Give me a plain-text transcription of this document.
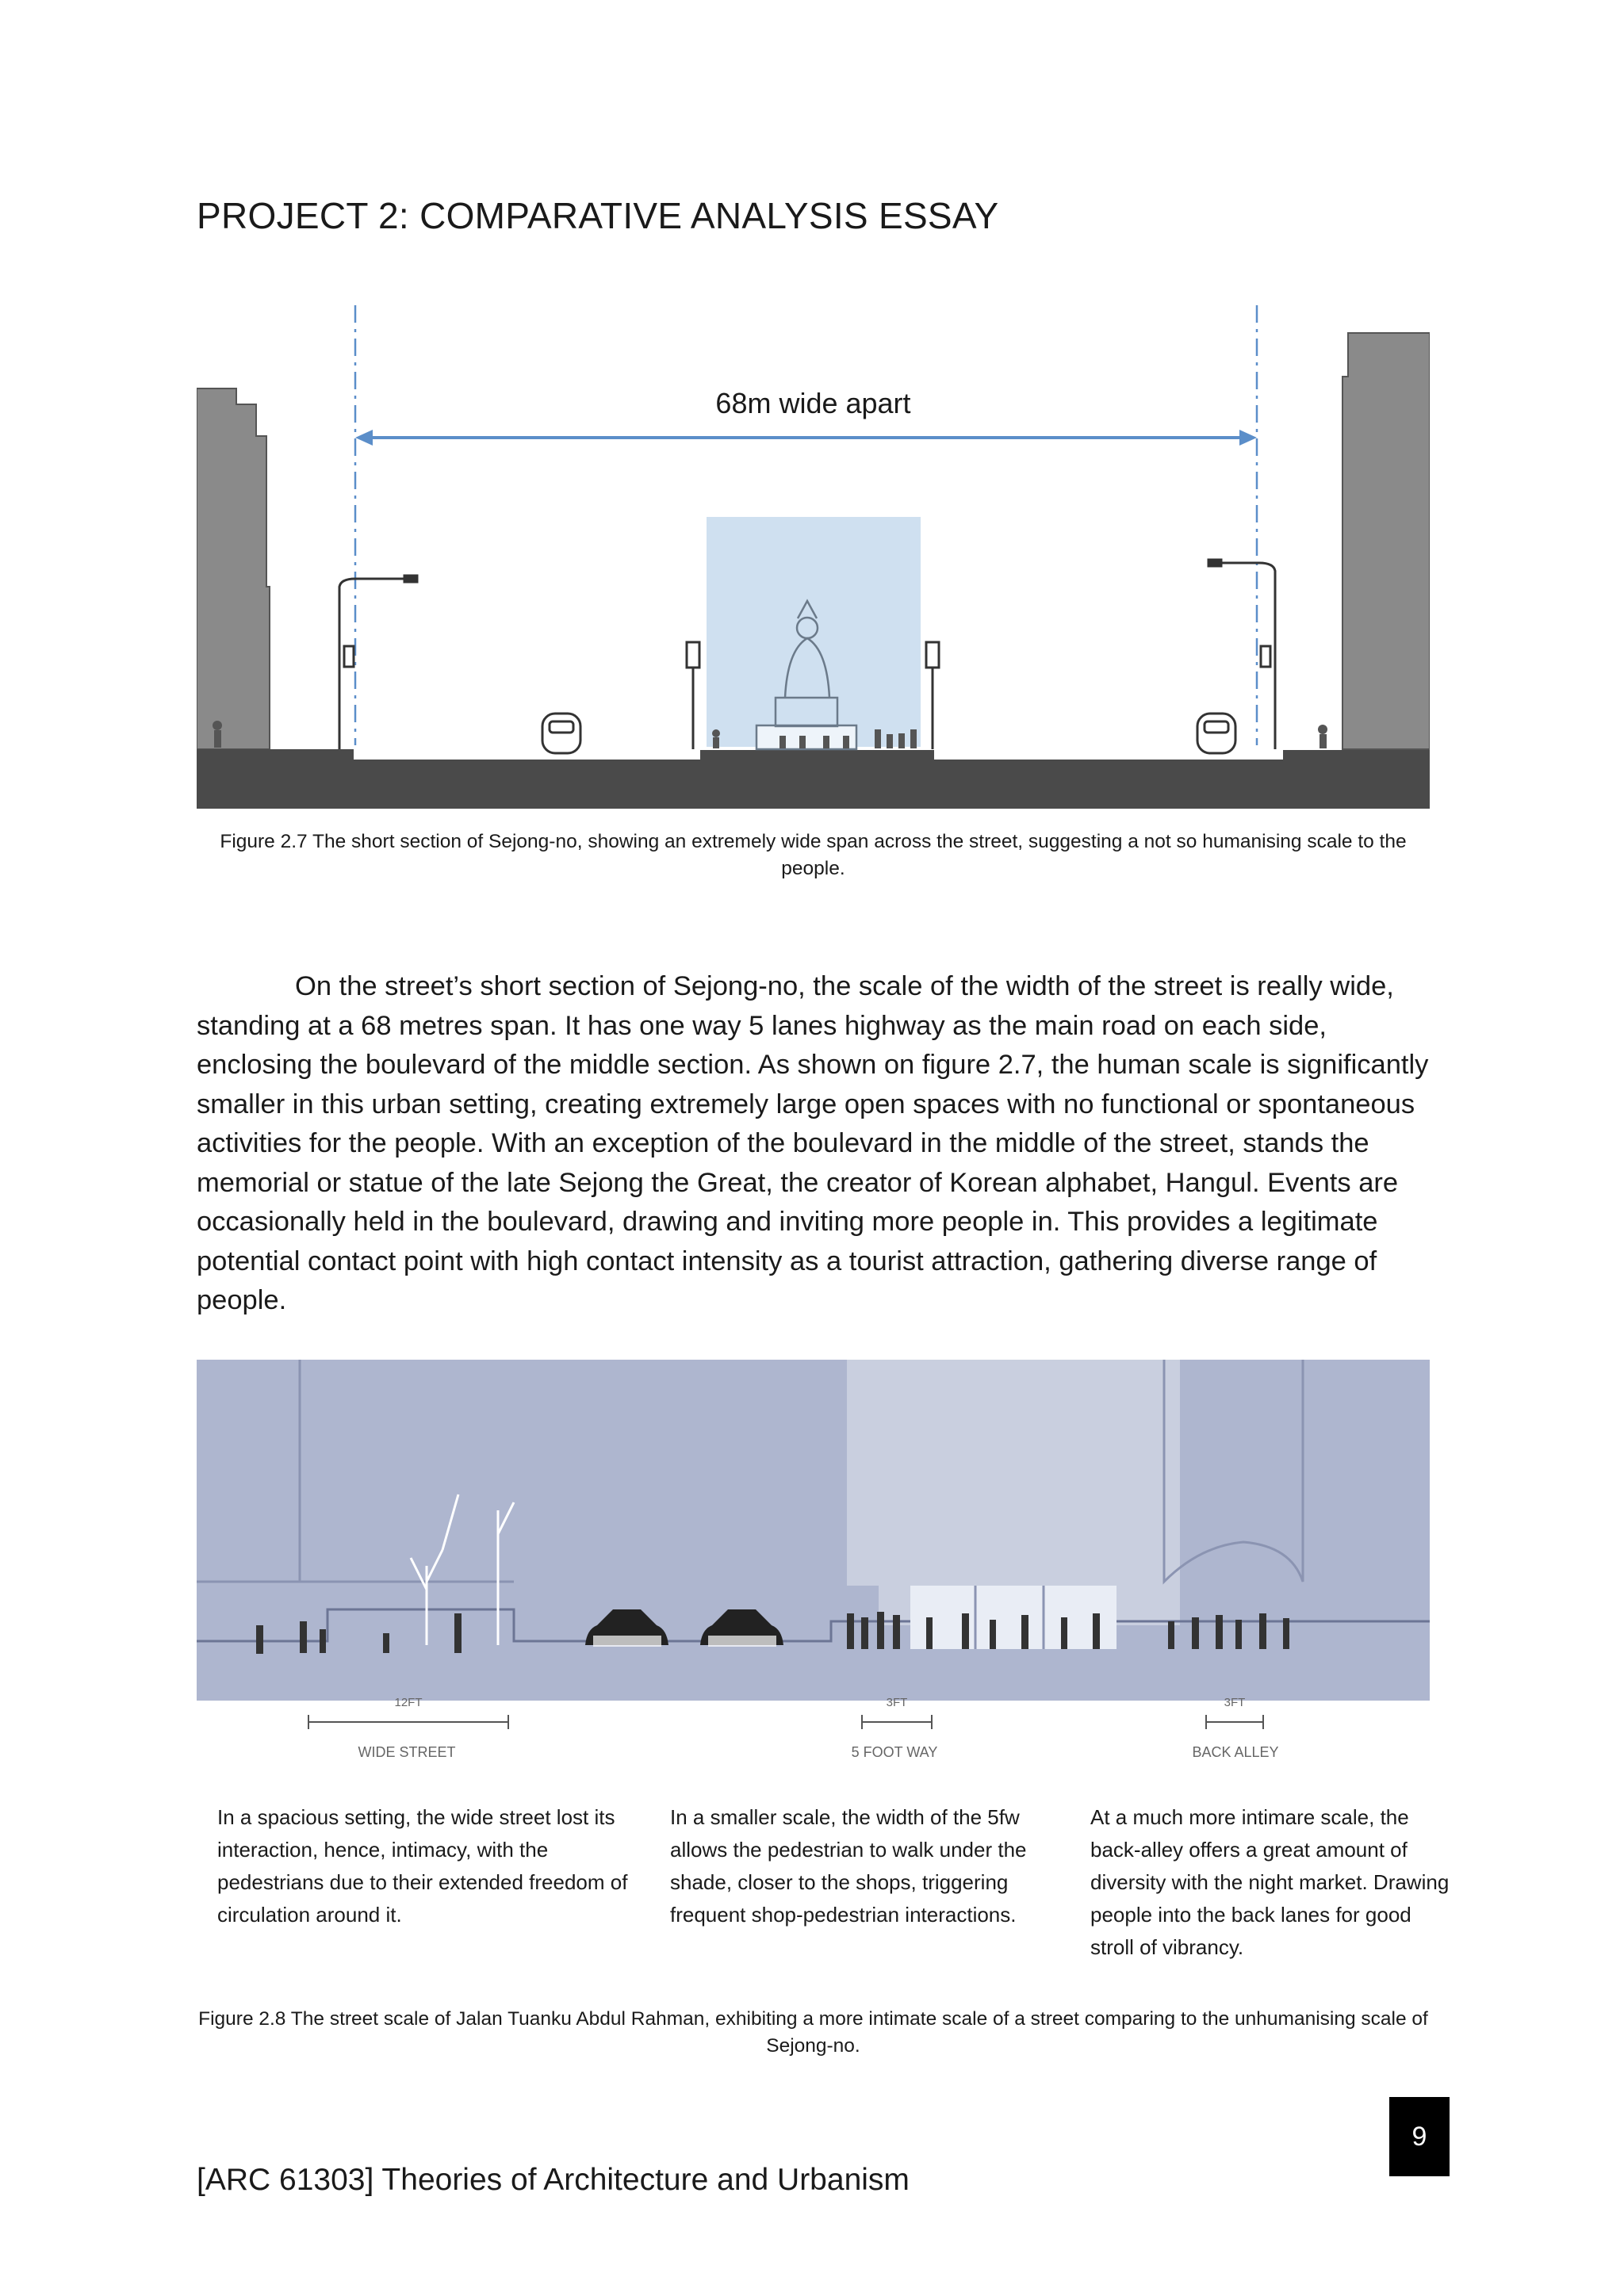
PROJECT 2: COMPARATIVE ANALYSIS ESSAY
68m wide apart
Figure 2.7 The short section of Sejong-no, showing an extremely wide span across the street, suggesting a not so humanising scale to the people.

On the street’s short section of Sejong-no, the scale of the width of the street is really wide, standing at a 68 metres span. It has one way 5 lanes highway as the main road on each side, enclosing the boulevard of the middle section. As shown on figure 2.7, the human scale is significantly smaller in this urban setting, creating extremely large open spaces with no functional or spontaneous activities for the people. With an exception of the boulevard in the middle of the street, stands the memorial or statue of the late Sejong the Great, the creator of Korean alphabet, Hangul. Events are occasionally held in the boulevard, drawing and inviting more people in. This provides a legitimate potential contact point with high contact intensity as a tourist attraction, gathering diverse range of people.

12FT
WIDE STREET
3FT
5 FOOT WAY
3FT
BACK ALLEY
In a spacious setting, the wide street lost its interaction, hence, intimacy, with the pedestrians due to their extended freedom of circulation around it.
In a smaller scale, the width of the 5fw allows the pedestrian to walk under the shade, closer to the shops, triggering frequent shop-pedestrian interactions.
At a much more intimare scale, the back-alley offers a great amount of diversity with the night market. Drawing people into the back lanes for good stroll of vibrancy.
Figure 2.8 The street scale of Jalan Tuanku Abdul Rahman, exhibiting a more intimate scale of a street comparing to the unhumanising scale of Sejong-no.
9
[ARC 61303] Theories of Architecture and Urbanism
